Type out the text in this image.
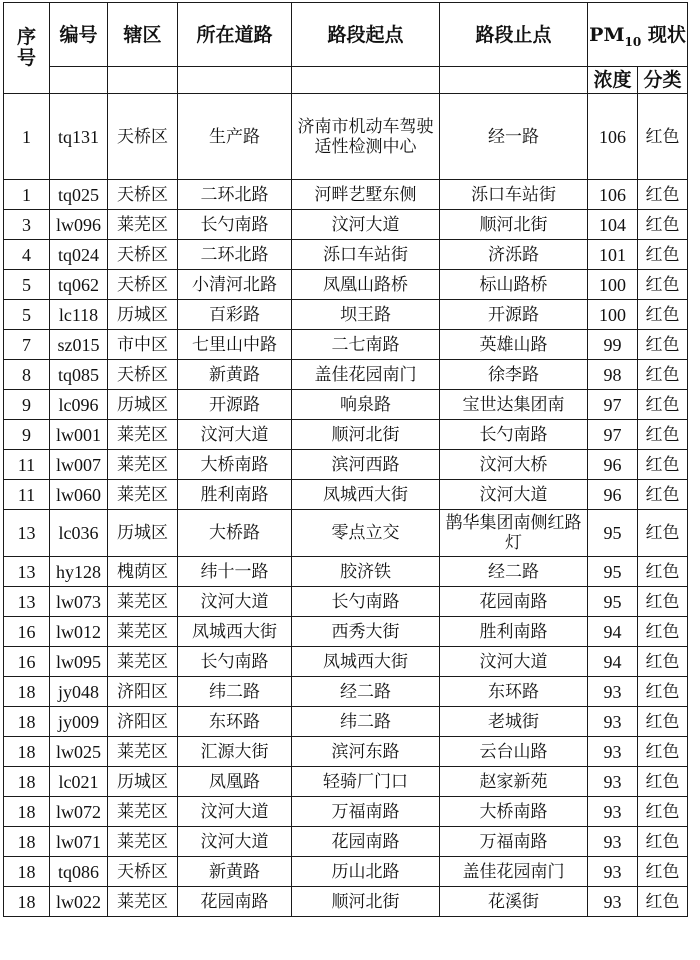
序号	编号	辖区	所在道路	路段起点	路段止点	$PM_{10}$ 现状	
						浓度	分类
1	tq131	天桥区	生产路	济南市机动车驾驶适性检测中心	经一路	106	红色
1	tq025	天桥区	二环北路	河畔艺墅东侧	泺口车站街	106	红色
3	lw096	莱芜区	长勺南路	汶河大道	顺河北街	104	红色
4	tq024	天桥区	二环北路	泺口车站街	济泺路	101	红色
5	tq062	天桥区	小清河北路	凤凰山路桥	标山路桥	100	红色
5	lc118	历城区	百彩路	坝王路	开源路	100	红色
7	sz015	市中区	七里山中路	二七南路	英雄山路	99	红色
8	tq085	天桥区	新黄路	盖佳花园南门	徐李路	98	红色
9	lc096	历城区	开源路	响泉路	宝世达集团南	97	红色
9	lw001	莱芜区	汶河大道	顺河北街	长勺南路	97	红色
11	lw007	莱芜区	大桥南路	滨河西路	汶河大桥	96	红色
11	lw060	莱芜区	胜利南路	凤城西大街	汶河大道	96	红色
13	lc036	历城区	大桥路	零点立交	鹊华集团南侧红路灯	95	红色
13	hy128	槐荫区	纬十一路	胶济铁	经二路	95	红色
13	lw073	莱芜区	汶河大道	长勺南路	花园南路	95	红色
16	lw012	莱芜区	凤城西大街	西秀大街	胜利南路	94	红色
16	lw095	莱芜区	长勺南路	凤城西大街	汶河大道	94	红色
18	jy048	济阳区	纬二路	经二路	东环路	93	红色
18	jy009	济阳区	东环路	纬二路	老城街	93	红色
18	lw025	莱芜区	汇源大街	滨河东路	云台山路	93	红色
18	lc021	历城区	凤凰路	轻骑厂门口	赵家新苑	93	红色
18	lw072	莱芜区	汶河大道	万福南路	大桥南路	93	红色
18	lw071	莱芜区	汶河大道	花园南路	万福南路	93	红色
18	tq086	天桥区	新黄路	历山北路	盖佳花园南门	93	红色
18	lw022	莱芜区	花园南路	顺河北街	花溪街	93	红色
